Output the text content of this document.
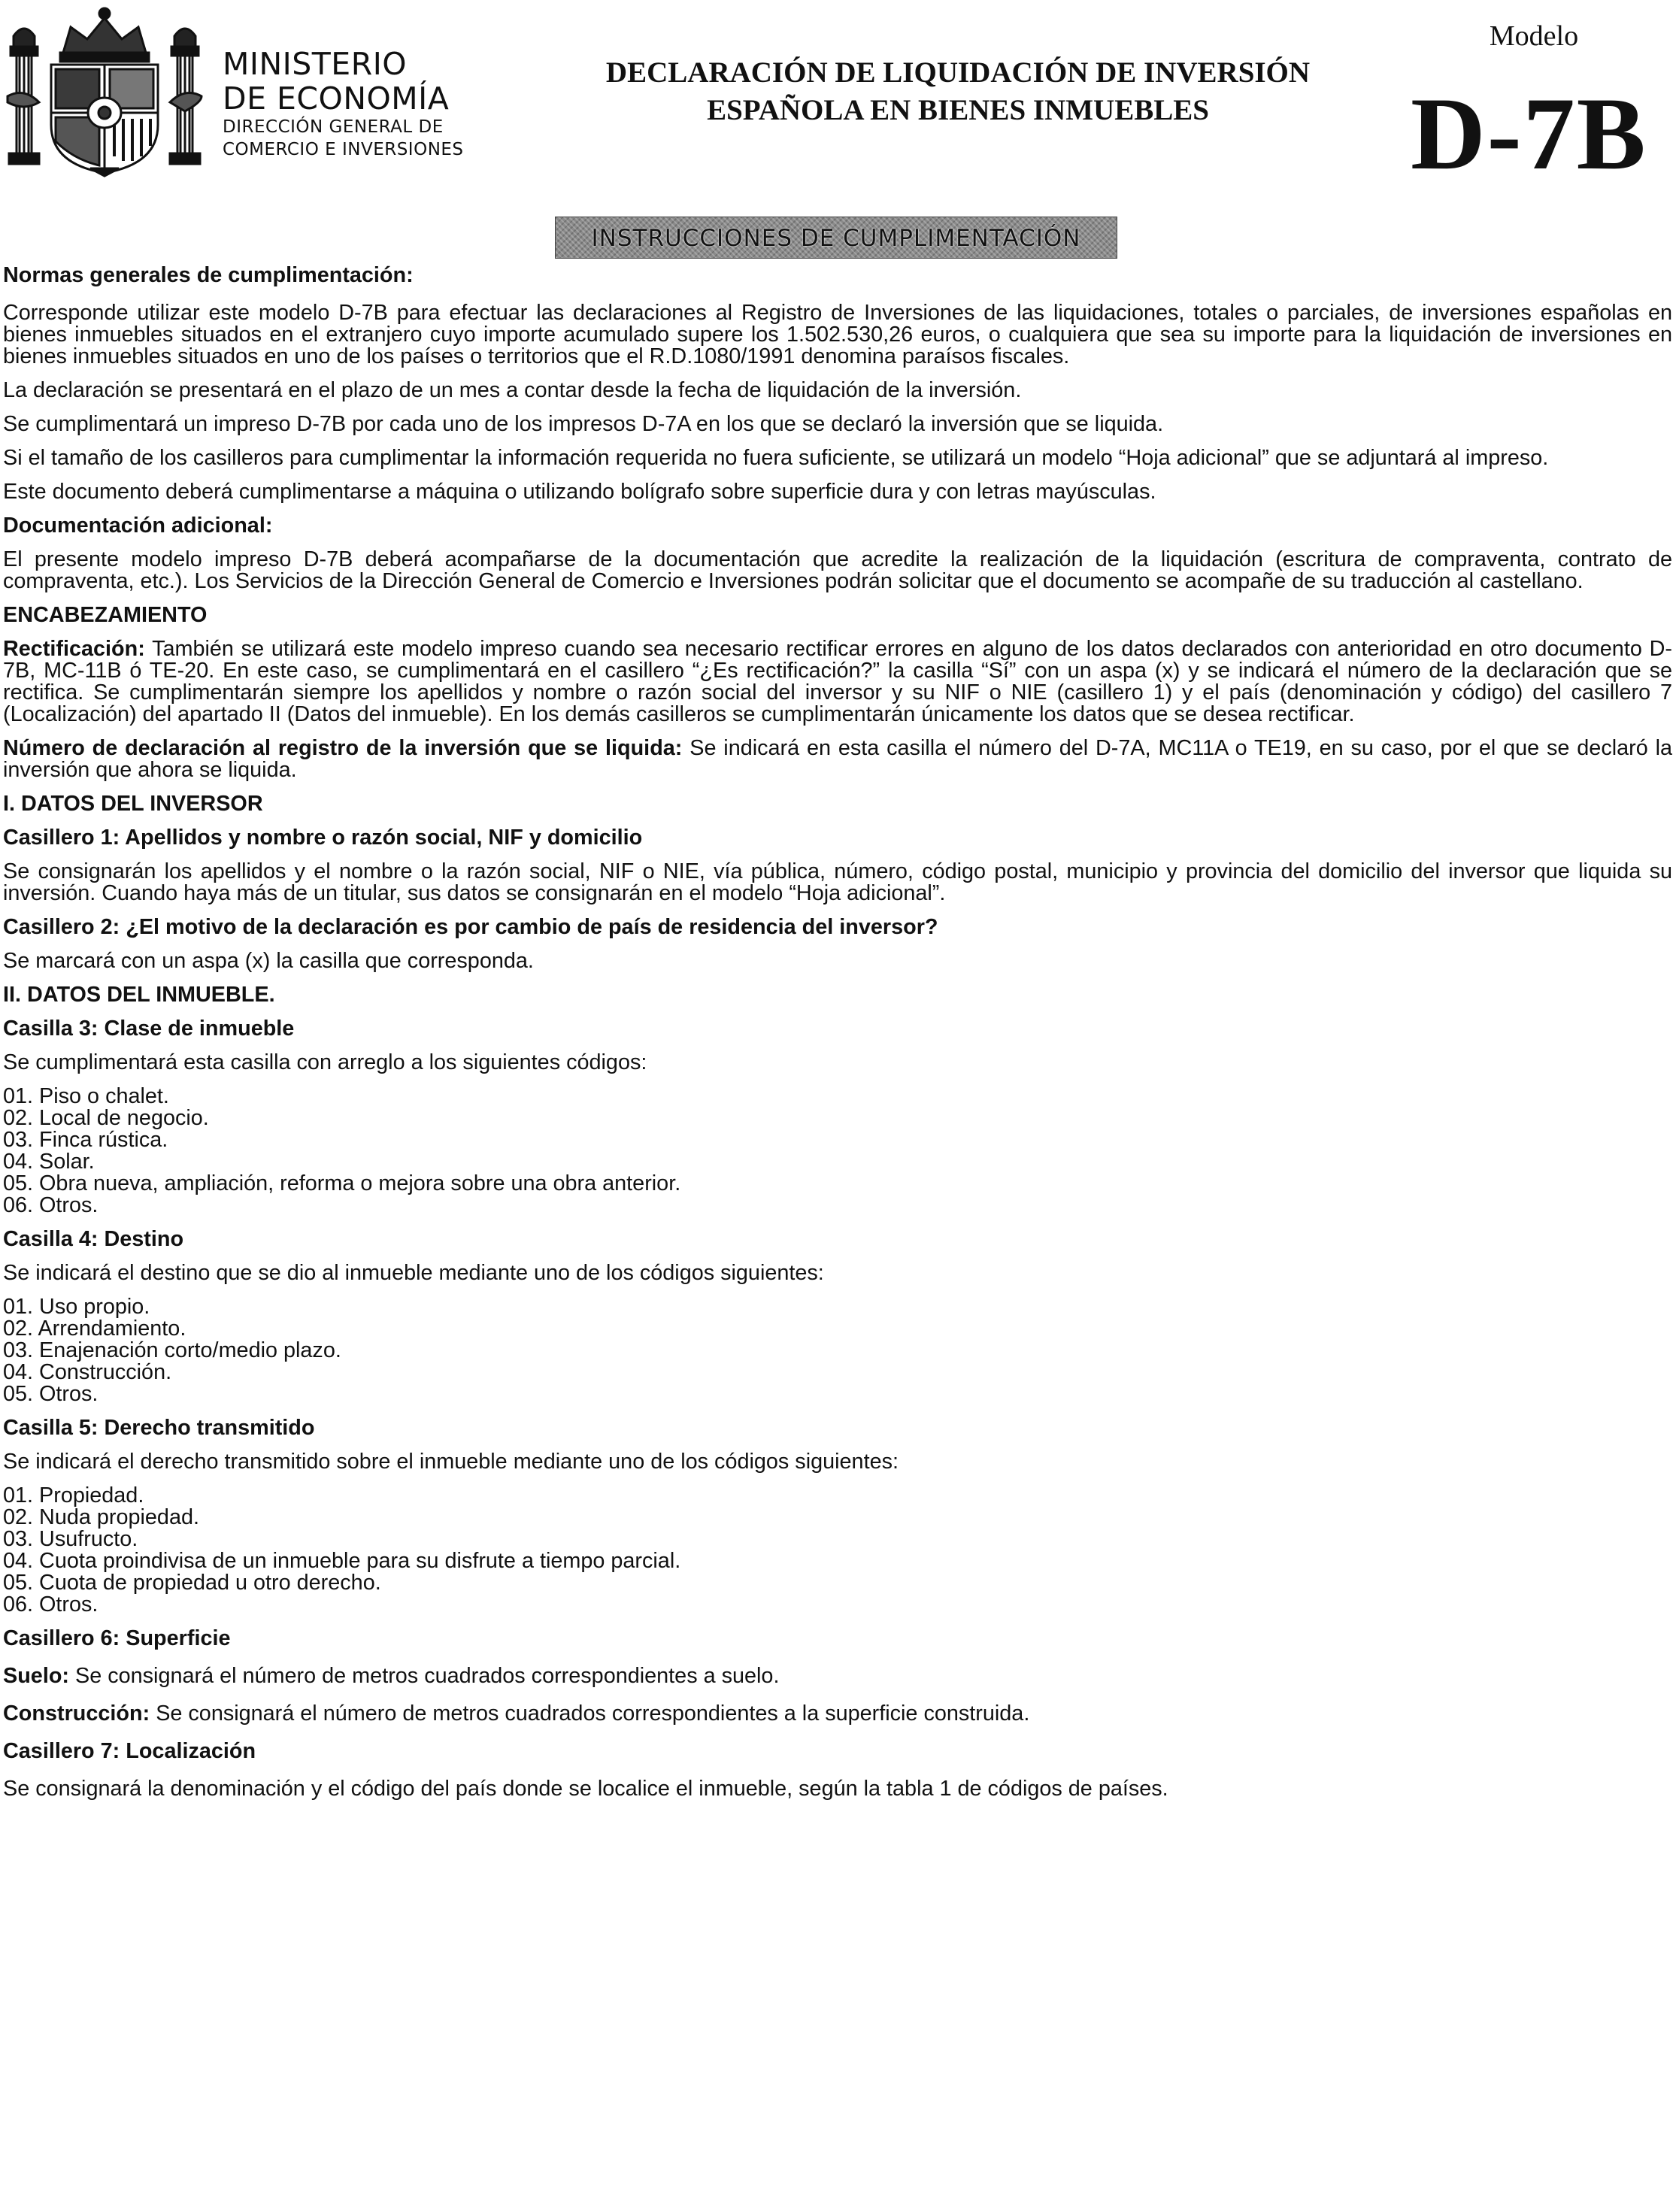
MINISTERIO
DE ECONOMÍA
DIRECCIÓN GENERAL DE
COMERCIO E INVERSIONES
DECLARACIÓN DE LIQUIDACIÓN DE INVERSIÓN
ESPAÑOLA EN BIENES INMUEBLES
Modelo
D-7B
INSTRUCCIONES DE CUMPLIMENTACIÓN

Normas generales de cumplimentación:

Corresponde utilizar este modelo D-7B para efectuar las declaraciones al Registro de Inversiones de las liquidaciones, totales o parciales, de inversiones españolas en bienes inmuebles situados en el extranjero cuyo importe acumulado supere los 1.502.530,26 euros, o cualquiera que sea su importe para la liquidación de inversiones en bienes inmuebles situados en uno de los países o territorios que el R.D.1080/1991 denomina paraísos fiscales.

La declaración se presentará en el plazo de un mes a contar desde la fecha de liquidación de la inversión.

Se cumplimentará un impreso D-7B por cada uno de los impresos D-7A en los que se declaró la inversión que se liquida.

Si el tamaño de los casilleros para cumplimentar la información requerida no fuera suficiente, se utilizará un modelo “Hoja adicional” que se adjuntará al impreso.

Este documento deberá cumplimentarse a máquina o utilizando bolígrafo sobre superficie dura y con letras mayúsculas.

Documentación adicional:

El presente modelo impreso D-7B deberá acompañarse de la documentación que acredite la realización de la liquidación (escritura de compraventa, contrato de compraventa, etc.). Los Servicios de la Dirección General de Comercio e Inversiones podrán solicitar que el documento se acompañe de su traducción al castellano.

ENCABEZAMIENTO

Rectificación: También se utilizará este modelo impreso cuando sea necesario rectificar errores en alguno de los datos declarados con anterioridad en otro documento D-7B, MC-11B ó TE-20. En este caso, se cumplimentará en el casillero “¿Es rectificación?” la casilla “Sí” con un aspa (x) y se indicará el número de la declaración que se rectifica. Se cumplimentarán siempre los apellidos y nombre o razón social del inversor y su NIF o NIE (casillero 1) y el país (denominación y código) del casillero 7 (Localización) del apartado II (Datos del inmueble). En los demás casilleros se cumplimentarán únicamente los datos que se desea rectificar.

Número de declaración al registro de la inversión que se liquida: Se indicará en esta casilla el número del D-7A, MC11A o TE19, en su caso, por el que se declaró la inversión que ahora se liquida.

I. DATOS DEL INVERSOR

Casillero 1: Apellidos y nombre o razón social, NIF y domicilio

Se consignarán los apellidos y el nombre o la razón social, NIF o NIE, vía pública, número, código postal, municipio y provincia del domicilio del inversor que liquida su inversión. Cuando haya más de un titular, sus datos se consignarán en el modelo “Hoja adicional”.

Casillero 2: ¿El motivo de la declaración es por cambio de país de residencia del inversor?

Se marcará con un aspa (x) la casilla que corresponda.

II. DATOS DEL INMUEBLE.

Casilla 3: Clase de inmueble

Se cumplimentará esta casilla con arreglo a los siguientes códigos:

01. Piso o chalet.
02. Local de negocio.
03. Finca rústica.
04. Solar.
05. Obra nueva, ampliación, reforma o mejora sobre una obra anterior.
06. Otros.

Casilla 4: Destino

Se indicará el destino que se dio al inmueble mediante uno de los códigos siguientes:

01. Uso propio.
02. Arrendamiento.
03. Enajenación corto/medio plazo.
04. Construcción.
05. Otros.

Casilla 5: Derecho transmitido

Se indicará el derecho transmitido sobre el inmueble mediante uno de los códigos siguientes:

01. Propiedad.
02. Nuda propiedad.
03. Usufructo.
04. Cuota proindivisa de un inmueble para su disfrute a tiempo parcial.
05. Cuota de propiedad u otro derecho.
06. Otros.

Casillero 6: Superficie

Suelo: Se consignará el número de metros cuadrados correspondientes a suelo.

Construcción: Se consignará el número de metros cuadrados correspondientes a la superficie construida.

Casillero 7: Localización

Se consignará la denominación y el código del país donde se localice el inmueble, según la tabla 1 de códigos de países.
